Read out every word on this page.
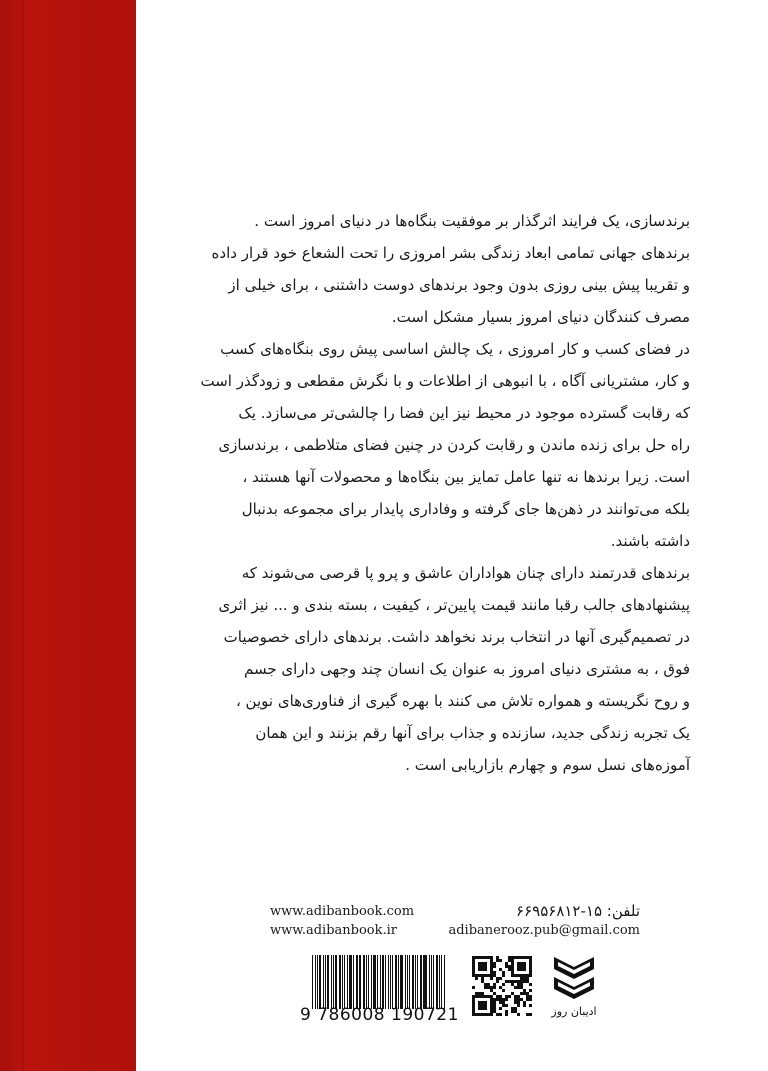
برندسازی، یک فرایند اثرگذار بر موفقیت بنگاه‌ها در دنیای امروز است .
برندهای جهانی تمامی ابعاد زندگی بشر امروزی را تحت الشعاع خود قرار داده
و تقریبا پیش بینی روزی بدون وجود برندهای دوست داشتنی ، برای خیلی از
مصرف کنندگان دنیای امروز بسیار مشکل است.

در فضای کسب و کار امروزی ، یک چالش اساسی پیش روی بنگاه‌های کسب
و کار، مشتریانی آگاه ، با انبوهی از اطلاعات و با نگرش مقطعی و زودگذر است
که رقابت گسترده موجود در محیط نیز این فضا را چالشی‌تر می‌سازد. یک
راه حل برای زنده ماندن و رقابت کردن در چنین فضای متلاطمی ، برندسازی
است. زیرا برندها نه تنها عامل تمایز بین بنگاه‌ها و محصولات آنها هستند ،
بلکه می‌توانند در ذهن‌ها جای گرفته و وفاداری پایدار برای مجموعه بدنبال
داشته باشند.

برندهای قدرتمند دارای چنان هواداران عاشق و پرو پا قرصی می‌شوند که
پیشنهادهای جالب رقبا مانند قیمت پایین‌تر ، کیفیت ، بسته بندی و ... نیز اثری
در تصمیم‌گیری آنها در انتخاب برند نخواهد داشت. برندهای دارای خصوصیات
فوق ، به مشتری دنیای امروز به عنوان یک انسان چند وجهی دارای جسم
و روح نگریسته و همواره تلاش می کنند با بهره گیری از فناوری‌های نوین ،
یک تجربه زندگی جدید، سازنده و جذاب برای آنها رقم بزنند و این همان
آموزه‌های نسل سوم و چهارم بازاریابی است .

www.adibanbook.com
www.adibanbook.ir
تلفن: ۱۵-۶۶۹۵۶۸۱۲
adibanerooz.pub@gmail.com
9 786008 190721	ادیبان روز
